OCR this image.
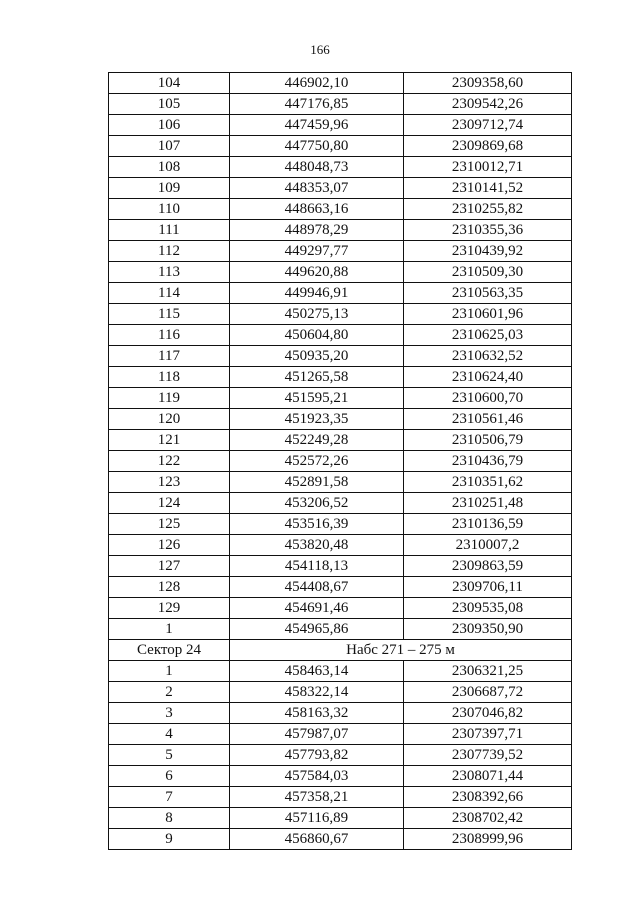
166
104	446902,10	2309358,60
105	447176,85	2309542,26
106	447459,96	2309712,74
107	447750,80	2309869,68
108	448048,73	2310012,71
109	448353,07	2310141,52
110	448663,16	2310255,82
111	448978,29	2310355,36
112	449297,77	2310439,92
113	449620,88	2310509,30
114	449946,91	2310563,35
115	450275,13	2310601,96
116	450604,80	2310625,03
117	450935,20	2310632,52
118	451265,58	2310624,40
119	451595,21	2310600,70
120	451923,35	2310561,46
121	452249,28	2310506,79
122	452572,26	2310436,79
123	452891,58	2310351,62
124	453206,52	2310251,48
125	453516,39	2310136,59
126	453820,48	2310007,2
127	454118,13	2309863,59
128	454408,67	2309706,11
129	454691,46	2309535,08
1	454965,86	2309350,90
Сектор 24	Набс 271 – 275 м	
1	458463,14	2306321,25
2	458322,14	2306687,72
3	458163,32	2307046,82
4	457987,07	2307397,71
5	457793,82	2307739,52
6	457584,03	2308071,44
7	457358,21	2308392,66
8	457116,89	2308702,42
9	456860,67	2308999,96
